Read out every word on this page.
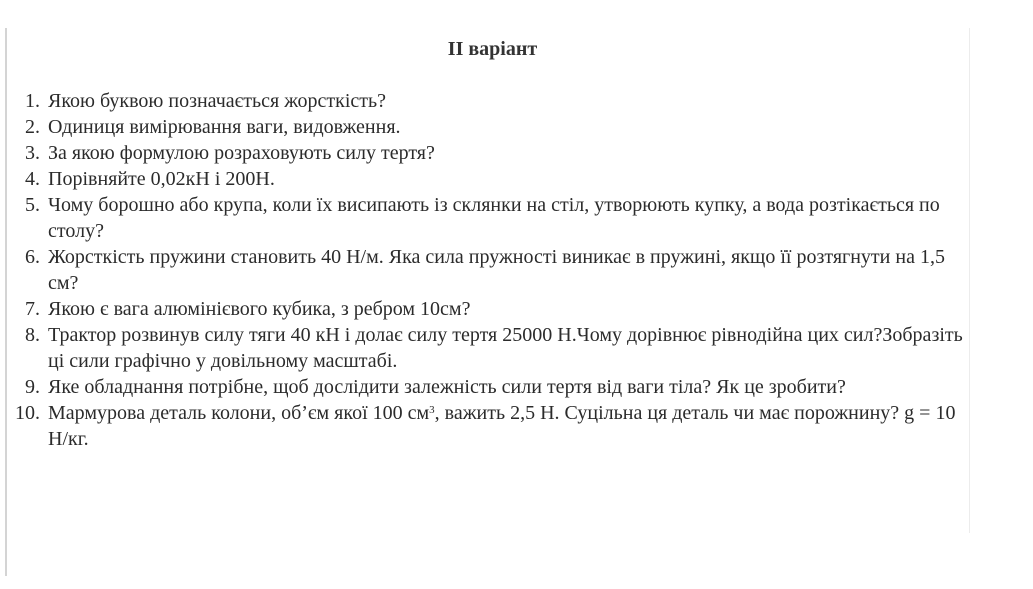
II варіант
1. Якою буквою позначається жорсткість?
2. Одиниця вимірювання ваги, видовження.
3. За якою формулою розраховують силу тертя?
4. Порівняйте 0,02кН і 200Н.
5. Чому борошно або крупа, коли їх висипають із склянки на стіл, утворюють купку, а вода розтікається по столу?
6. Жорсткість пружини становить 40 Н/м. Яка сила пружності виникає в пружині, якщо її розтягнути на 1,5 см?
7. Якою є вага алюмінієвого кубика, з ребром 10см?
8. Трактор розвинув силу тяги 40 кН і долає силу тертя 25000 Н.Чому дорівнює рівнодійна цих сил?Зобразіть ці сили графічно у довільному масштабі.
9. Яке обладнання потрібне, щоб дослідити залежність сили тертя від ваги тіла? Як це зробити?
10. Мармурова деталь колони, об’єм якої 100 $см^3$, важить 2,5 Н. Суцільна ця деталь чи має порожнину? g = 10 Н/кг.
